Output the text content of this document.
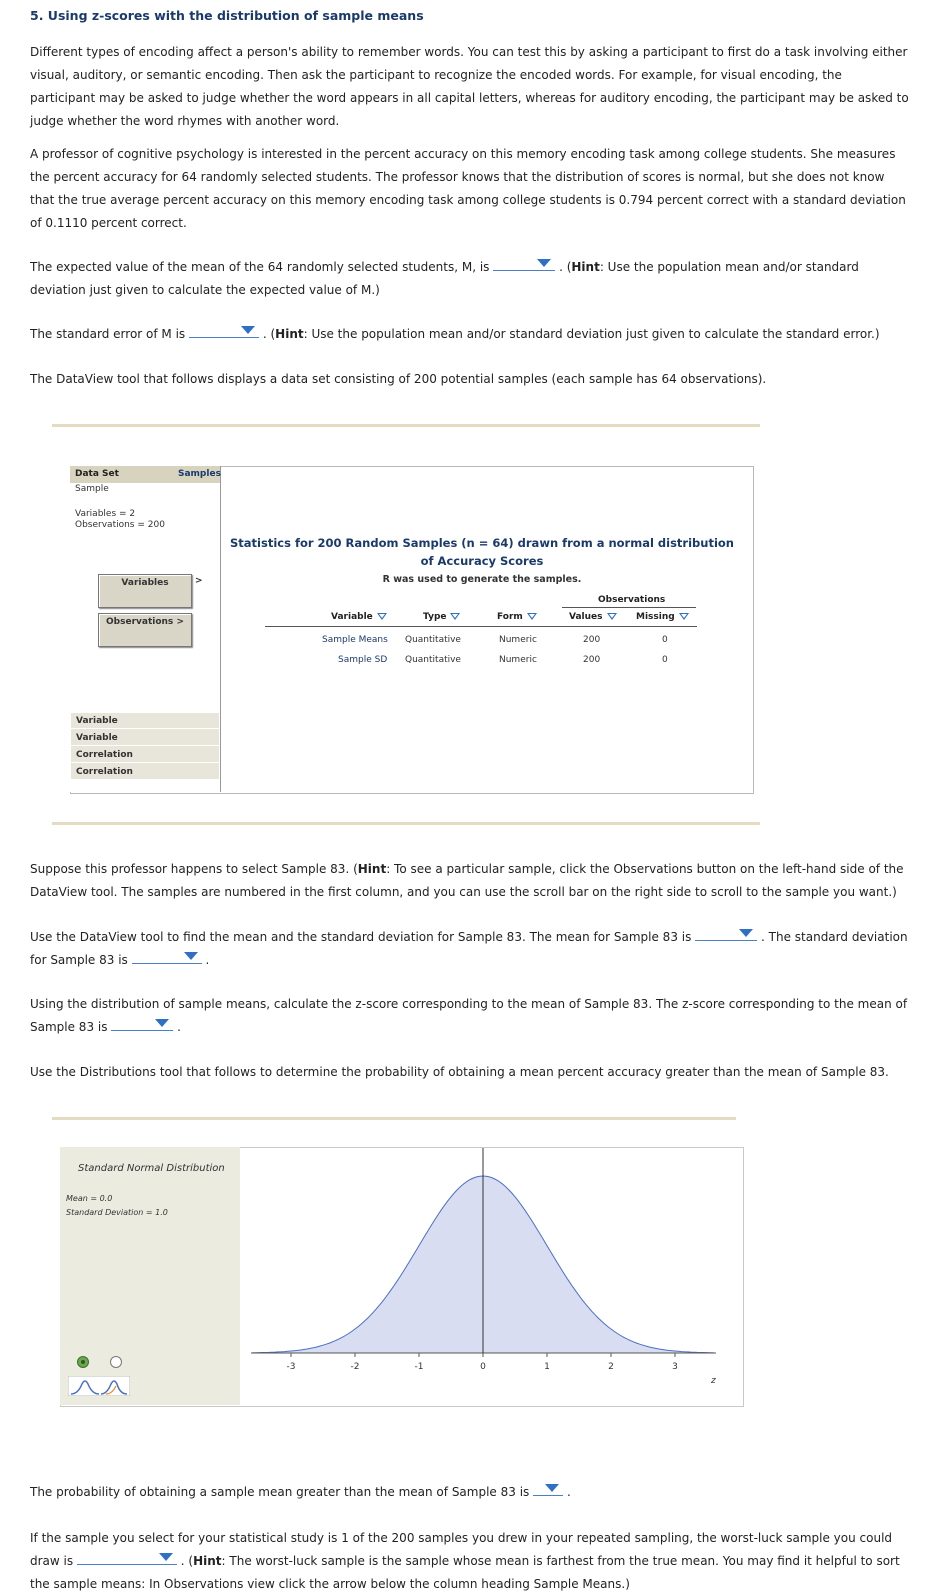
5. Using z-scores with the distribution of sample means
Different types of encoding affect a person's ability to remember words. You can test this by asking a participant to first do a task involving either visual, auditory, or semantic encoding. Then ask the participant to recognize the encoded words. For example, for visual encoding, the participant may be asked to judge whether the word appears in all capital letters, whereas for auditory encoding, the participant may be asked to judge whether the word rhymes with another word.
A professor of cognitive psychology is interested in the percent accuracy on this memory encoding task among college students. She measures the percent accuracy for 64 randomly selected students. The professor knows that the distribution of scores is normal, but she does not know that the true average percent accuracy on this memory encoding task among college students is 0.794 percent correct with a standard deviation of 0.1110 percent correct.
The expected value of the mean of the 64 randomly selected students, M, is	. (Hint: Use the population mean and/or standard deviation just given to calculate the expected value of M.)
The standard error of M is	. (Hint: Use the population mean and/or standard deviation just given to calculate the standard error.)
The DataView tool that follows displays a data set consisting of 200 potential samples (each sample has 64 observations).
Data Set	Samples
Sample
Variables = 2
Observations = 200
Variables	>
Observations >
Variable
Variable
Correlation
Correlation
Statistics for 200 Random Samples (n = 64) drawn from a normal distribution of Accuracy Scores
R was used to generate the samples.
Observations
Variable	Type	Form	Values	Missing
Sample Means Quantitative	Numeric	200	0
Sample SD Quantitative	Numeric	200	0
Suppose this professor happens to select Sample 83. (Hint: To see a particular sample, click the Observations button on the left-hand side of the DataView tool. The samples are numbered in the first column, and you can use the scroll bar on the right side to scroll to the sample you want.)
Use the DataView tool to find the mean and the standard deviation for Sample 83. The mean for Sample 83 is	. The standard deviation for Sample 83 is	.
Using the distribution of sample means, calculate the z-score corresponding to the mean of Sample 83. The z-score corresponding to the mean of Sample 83 is	.
Use the Distributions tool that follows to determine the probability of obtaining a mean percent accuracy greater than the mean of Sample 83.
Standard Normal Distribution
Mean = 0.0
Standard Deviation = 1.0
-3	-2	-1	0	1	2	3
z
The probability of obtaining a sample mean greater than the mean of Sample 83 is	.
If the sample you select for your statistical study is 1 of the 200 samples you drew in your repeated sampling, the worst-luck sample you could draw is	. (Hint: The worst-luck sample is the sample whose mean is farthest from the true mean. You may find it helpful to sort the sample means: In Observations view click the arrow below the column heading Sample Means.)
